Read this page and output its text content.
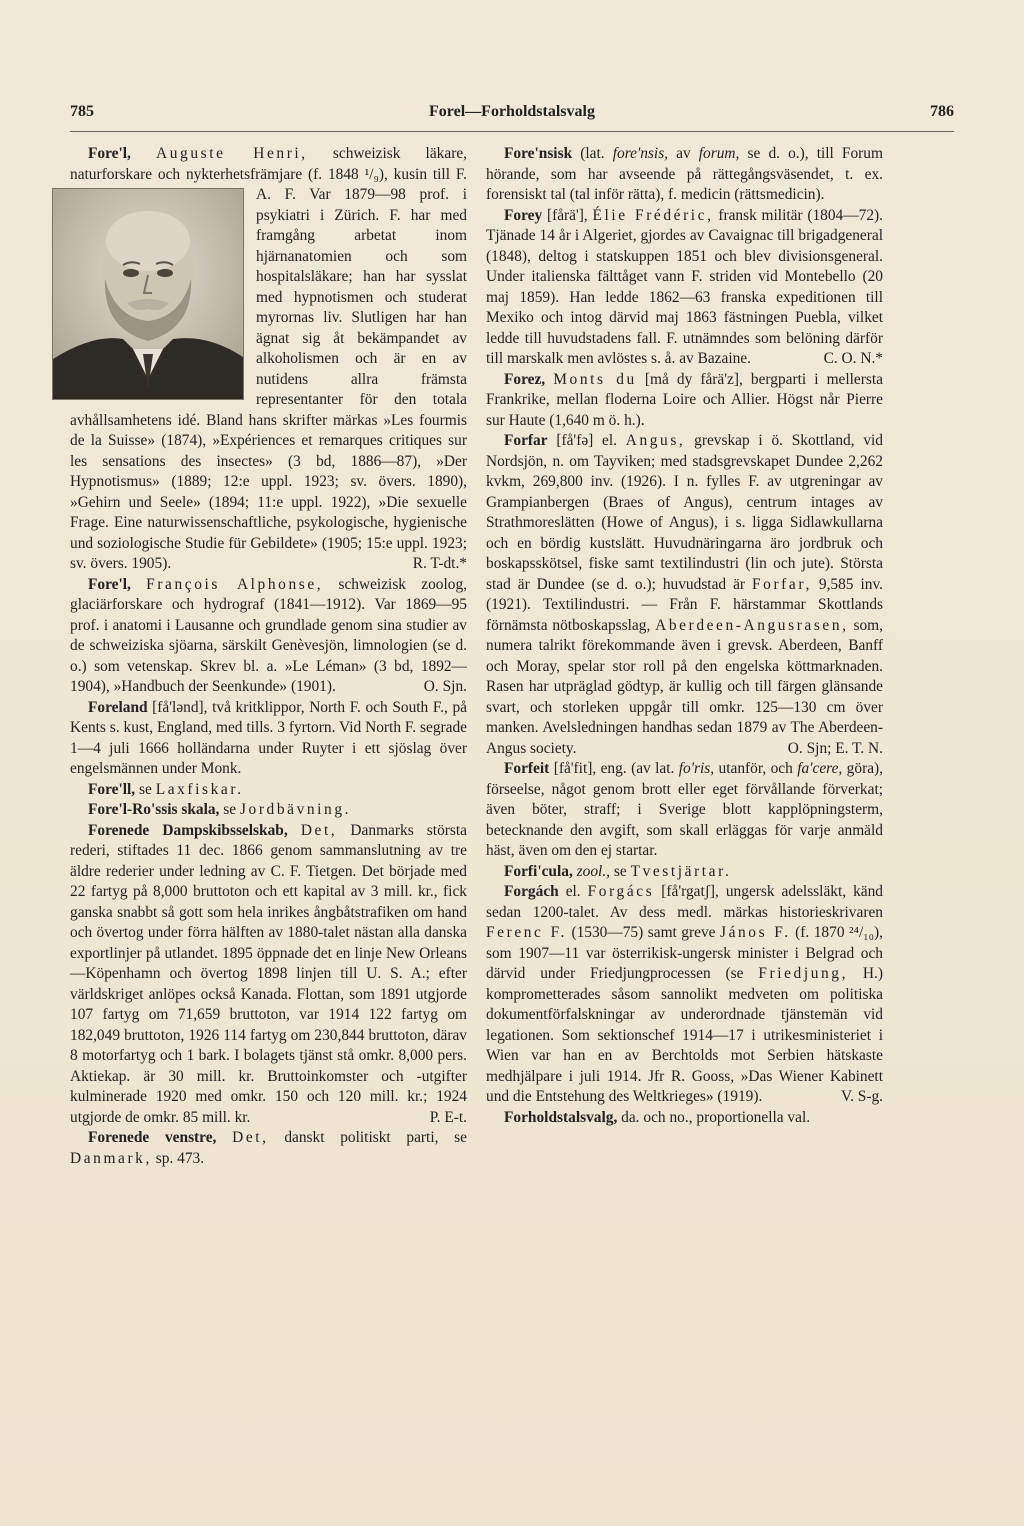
785	Forel—Forholdstalsvalg	786

Fore'l, Auguste Henri, schweizisk läkare, naturforskare och nykterhetsfrämjare (f. 1848 ¹/₉
), kusin till F. A. F. Var 1879—98 prof. i psykiatri i Zürich. F. har med framgång arbetat inom hjärnanatomien och som hospitalsläkare; han har sysslat med hypnotismen och studerat myrornas liv. Slutligen har han ägnat sig åt bekämpandet av alkoholismen och är en av nutidens allra främsta representanter för den totala avhållsamhetens idé. Bland hans skrifter märkas »Les fourmis de la Suisse» (1874), »Expériences et remarques critiques sur les sensations des insectes» (3 bd, 1886—87), »Der Hypnotismus» (1889; 12:e uppl. 1923; sv. övers. 1890), »Gehirn und Seele» (1894; 11:e uppl. 1922), »Die sexuelle Frage. Eine naturwissenschaftliche, psykologische, hygienische und soziologische Studie für Gebildete» (1905; 15:e uppl. 1923; sv. övers. 1905).	R. T-dt.*

Fore'l, François Alphonse, schweizisk zoolog, glaciärforskare och hydrograf (1841—1912). Var 1869—95 prof. i anatomi i Lausanne och grundlade genom sina studier av de schweiziska sjöarna, särskilt Genèvesjön, limnologien (se d. o.) som vetenskap. Skrev bl. a. »Le Léman» (3 bd, 1892—1904), »Handbuch der Seenkunde» (1901).	O. Sjn.

Foreland [få'lənd], två kritklippor, North F. och South F., på Kents s. kust, England, med tills. 3 fyrtorn. Vid North F. segrade 1—4 juli 1666 holländarna under Ruyter i ett sjöslag över engelsmännen under Monk.

Fore'll, se Laxfiskar.

Fore'l-Ro'ssis skala, se Jordbävning.

Forenede Dampskibsselskab, Det, Danmarks största rederi, stiftades 11 dec. 1866 genom sammanslutning av tre äldre rederier under ledning av C. F. Tietgen. Det började med 22 fartyg på 8,000 bruttoton och ett kapital av 3 mill. kr., fick ganska snabbt så gott som hela inrikes ångbåtstrafiken om hand och övertog under förra hälften av 1880-talet nästan alla danska exportlinjer på utlandet. 1895 öppnade det en linje New Orleans—Köpenhamn och övertog 1898 linjen till U. S. A.; efter världskriget anlöpes också Kanada. Flottan, som 1891 utgjorde 107 fartyg om 71,659 bruttoton, var 1914 122 fartyg om 182,049 bruttoton, 1926 114 fartyg om 230,844 bruttoton, därav 8 motorfartyg och 1 bark. I bolagets tjänst stå omkr. 8,000 pers. Aktiekap. är 30 mill. kr. Bruttoinkomster och -utgifter kulminerade 1920 med omkr. 150 och 120 mill. kr.; 1924 utgjorde de omkr. 85 mill. kr.	P. E-t.

Forenede venstre, Det, danskt politiskt parti, se Danmark, sp. 473.

Fore'nsisk (lat. fore'nsis, av forum, se d. o.), till Forum hörande, som har avseende på rättegångsväsendet, t. ex. forensiskt tal (tal inför rätta), f. medicin (rättsmedicin).

Forey [fårä'], Élie Frédéric, fransk militär (1804—72). Tjänade 14 år i Algeriet, gjordes av Cavaignac till brigadgeneral (1848), deltog i statskuppen 1851 och blev divisionsgeneral. Under italienska fälttåget vann F. striden vid Montebello (20 maj 1859). Han ledde 1862—63 franska expeditionen till Mexiko och intog därvid maj 1863 fästningen Puebla, vilket ledde till huvudstadens fall. F. utnämndes som belöning därför till marskalk men avlöstes s. å. av Bazaine.	C. O. N.*

Forez, Monts du [må dy fårä'z], bergparti i mellersta Frankrike, mellan floderna Loire och Allier. Högst når Pierre sur Haute (1,640 m ö. h.).

Forfar [få'fə] el. Angus, grevskap i ö. Skottland, vid Nordsjön, n. om Tayviken; med stadsgrevskapet Dundee 2,262 kvkm, 269,800 inv. (1926). I n. fylles F. av utgreningar av Grampianbergen (Braes of Angus), centrum intages av Strathmoreslätten (Howe of Angus), i s. ligga Sidlawkullarna och en bördig kustslätt. Huvudnäringarna äro jordbruk och boskapsskötsel, fiske samt textilindustri (lin och jute). Största stad är Dundee (se d. o.); huvudstad är Forfar, 9,585 inv. (1921). Textilindustri. — Från F. härstammar Skottlands förnämsta nötboskapsslag, Aberdeen-Angusrasen, som, numera talrikt förekommande även i grevsk. Aberdeen, Banff och Moray, spelar stor roll på den engelska köttmarknaden. Rasen har utpräglad gödtyp, är kullig och till färgen glänsande svart, och storleken uppgår till omkr. 125—130 cm över manken. Avelsledningen handhas sedan 1879 av The Aberdeen-Angus society.	O. Sjn; E. T. N.

Forfeit [få'fit], eng. (av lat. fo'ris, utanför, och fa'cere, göra), förseelse, något genom brott eller eget förvållande förverkat; även böter, straff; i Sverige blott kapplöpningsterm, betecknande den avgift, som skall erläggas för varje anmäld häst, även om den ej startar.

Forfi'cula, zool., se Tvestjärtar.

Forgách el. Forgács [få'rgatʃ], ungersk adelssläkt, känd sedan 1200-talet. Av dess medl. märkas historieskrivaren Ferenc F. (1530—75) samt greve János F. (f. 1870 ²⁴/₁₀), som 1907—11 var österrikisk-ungersk minister i Belgrad och därvid under Friedjungprocessen (se Friedjung, H.) komprometterades såsom sannolikt medveten om politiska dokumentförfalskningar av underordnade tjänstemän vid legationen. Som sektionschef 1914—17 i utrikesministeriet i Wien var han en av Berchtolds mot Serbien hätskaste medhjälpare i juli 1914. Jfr R. Gooss, »Das Wiener Kabinett und die Entstehung des Weltkrieges» (1919).	V. S-g.

Forholdstalsvalg, da. och no., proportionella val.
